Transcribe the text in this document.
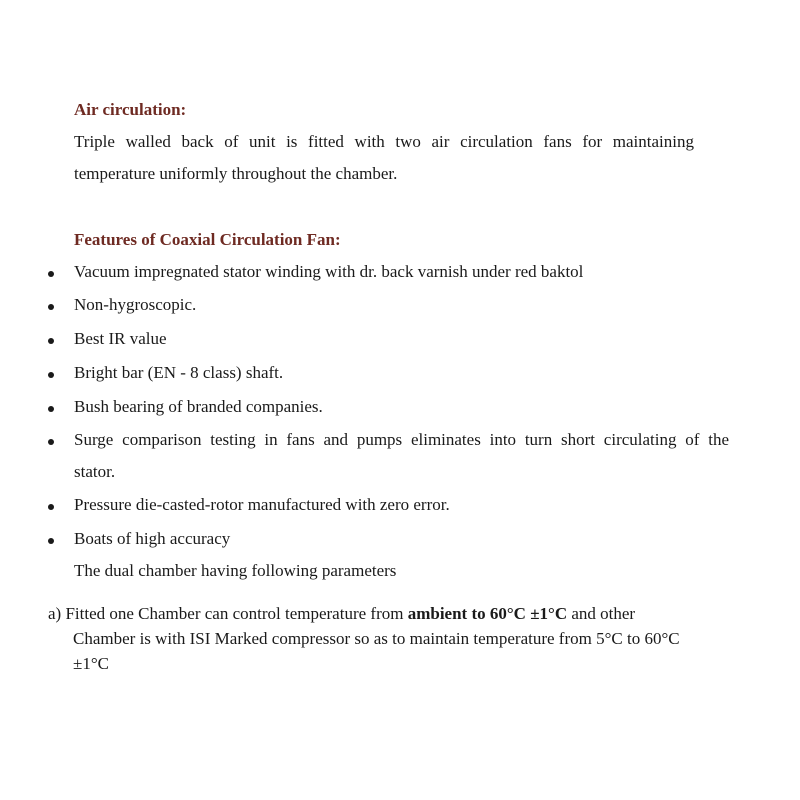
Air circulation:
Triple walled back of unit is fitted with two air circulation fans for maintaining
temperature uniformly throughout the chamber.
Features of Coaxial Circulation Fan:
Vacuum impregnated stator winding with dr. back varnish under red baktol
Non-hygroscopic.
Best IR value
Bright bar (EN - 8 class) shaft.
Bush bearing of branded companies.
Surge comparison testing in fans and pumps eliminates into turn short circulating of the
stator.
Pressure die-casted-rotor manufactured with zero error.
Boats of high accuracy
The dual chamber having following parameters
a) Fitted one Chamber can control temperature from ambient to 60°C ±1°C and other
Chamber is with ISI Marked compressor so as to maintain temperature from 5°C to 60°C
±1°C
